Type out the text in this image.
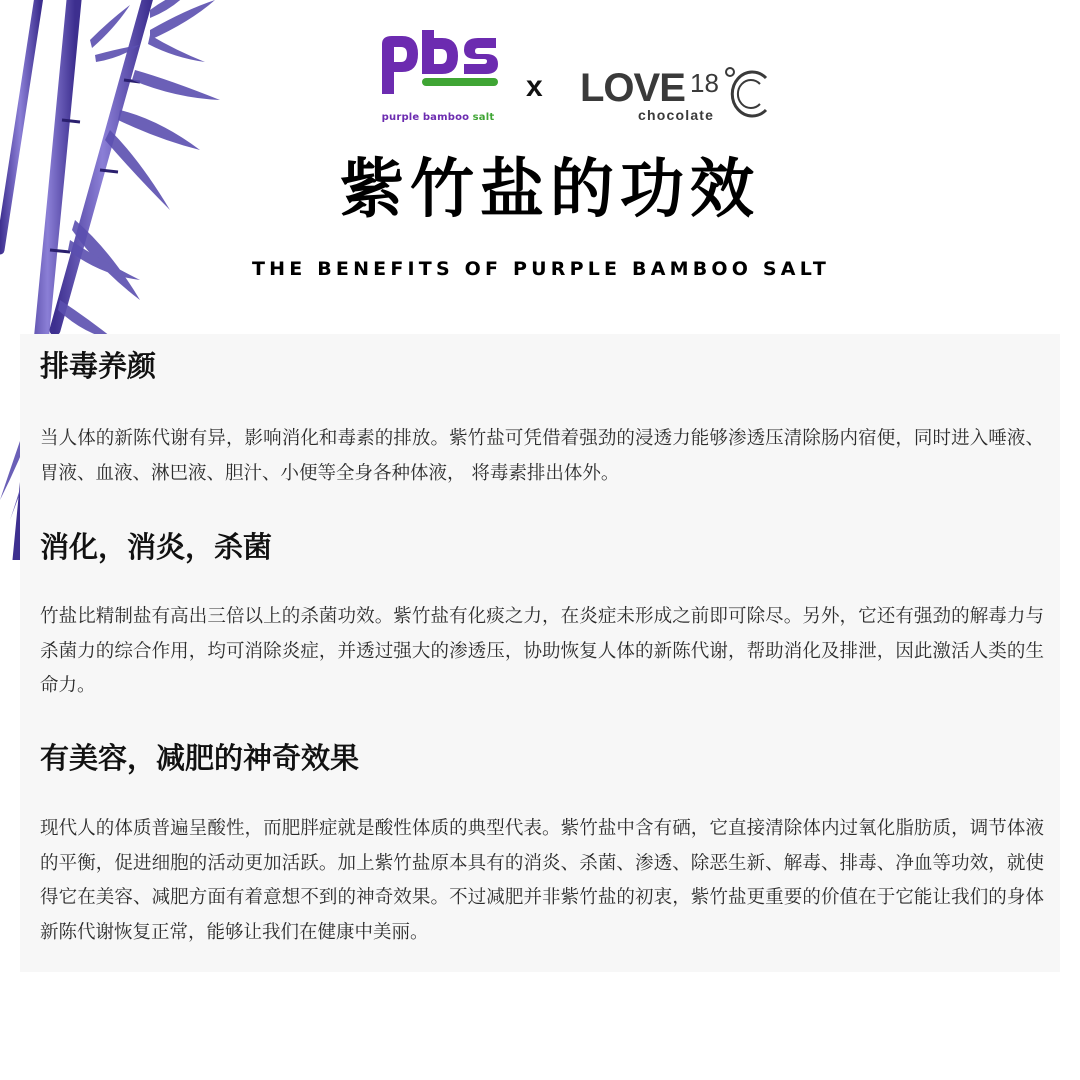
purple bamboo salt
x LOVE 18
chocolate
紫竹盐的功效
THE BENEFITS OF PURPLE BAMBOO SALT
排毒养颜
当人体的新陈代谢有异，影响消化和毒素的排放。紫竹盐可凭借着强劲的浸透力能够渗透压清除肠内宿便，同时进入唾液、胃液、血液、淋巴液、胆汁、小便等全身各种体液， 将毒素排出体外。
消化，消炎，杀菌
竹盐比精制盐有高出三倍以上的杀菌功效。紫竹盐有化痰之力，在炎症未形成之前即可除尽。另外，它还有强劲的解毒力与杀菌力的综合作用，均可消除炎症，并透过强大的渗透压，协助恢复人体的新陈代谢，帮助消化及排泄，因此激活人类的生命力。
有美容，减肥的神奇效果
现代人的体质普遍呈酸性，而肥胖症就是酸性体质的典型代表。紫竹盐中含有硒，它直接清除体内过氧化脂肪质，调节体液的平衡，促进细胞的活动更加活跃。加上紫竹盐原本具有的消炎、杀菌、渗透、除恶生新、解毒、排毒、净血等功效，就使得它在美容、减肥方面有着意想不到的神奇效果。不过减肥并非紫竹盐的初衷，紫竹盐更重要的价值在于它能让我们的身体新陈代谢恢复正常，能够让我们在健康中美丽。
